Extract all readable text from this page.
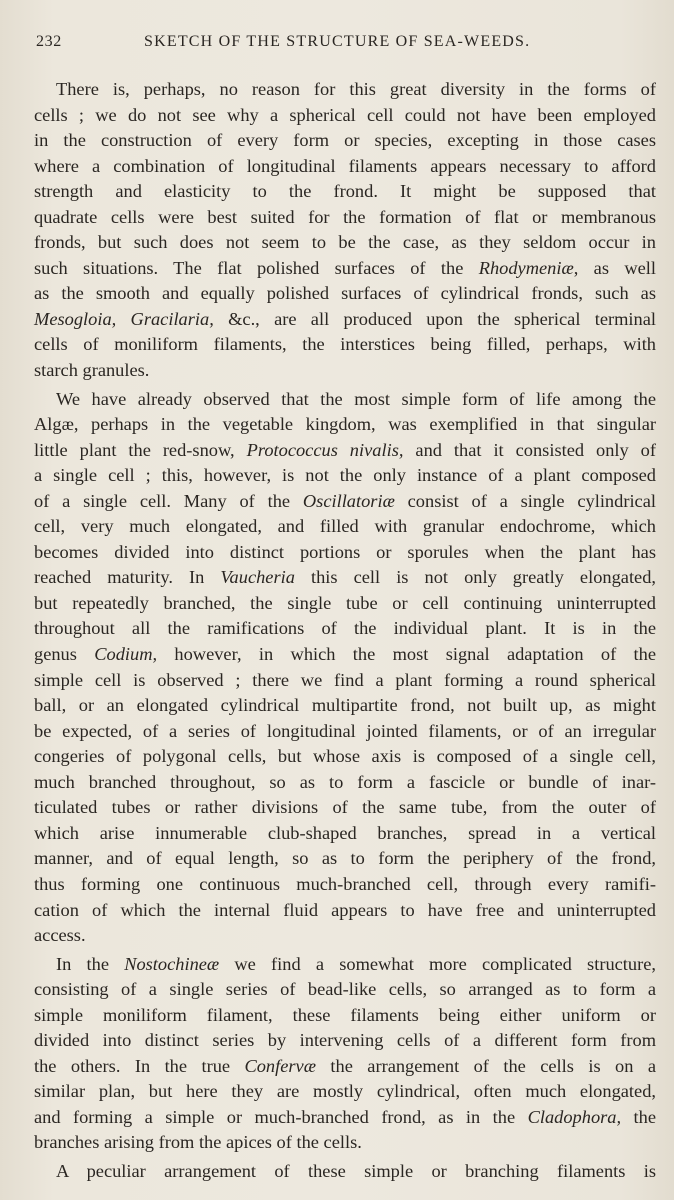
232	SKETCH OF THE STRUCTURE OF SEA-WEEDS.

There is, perhaps, no reason for this great diversity in the forms of
cells ; we do not see why a spherical cell could not have been employed
in the construction of every form or species, excepting in those cases
where a combination of longitudinal filaments appears necessary to afford
strength and elasticity to the frond. It might be supposed that
quadrate cells were best suited for the formation of flat or membranous
fronds, but such does not seem to be the case, as they seldom occur in
such situations. The flat polished surfaces of the Rhodymeniæ, as well
as the smooth and equally polished surfaces of cylindrical fronds, such as
Mesogloia, Gracilaria, &c., are all produced upon the spherical terminal
cells of moniliform filaments, the interstices being filled, perhaps, with
starch granules.

We have already observed that the most simple form of life among the
Algæ, perhaps in the vegetable kingdom, was exemplified in that singular
little plant the red-snow, Protococcus nivalis, and that it consisted only of
a single cell ; this, however, is not the only instance of a plant composed
of a single cell. Many of the Oscillatoriæ consist of a single cylindrical
cell, very much elongated, and filled with granular endochrome, which
becomes divided into distinct portions or sporules when the plant has
reached maturity. In Vaucheria this cell is not only greatly elongated,
but repeatedly branched, the single tube or cell continuing uninterrupted
throughout all the ramifications of the individual plant. It is in the
genus Codium, however, in which the most signal adaptation of the
simple cell is observed ; there we find a plant forming a round spherical
ball, or an elongated cylindrical multipartite frond, not built up, as might
be expected, of a series of longitudinal jointed filaments, or of an irregular
congeries of polygonal cells, but whose axis is composed of a single cell,
much branched throughout, so as to form a fascicle or bundle of inar-
ticulated tubes or rather divisions of the same tube, from the outer of
which arise innumerable club-shaped branches, spread in a vertical
manner, and of equal length, so as to form the periphery of the frond,
thus forming one continuous much-branched cell, through every ramifi-
cation of which the internal fluid appears to have free and uninterrupted
access.

In the Nostochineæ we find a somewhat more complicated structure,
consisting of a single series of bead-like cells, so arranged as to form a
simple moniliform filament, these filaments being either uniform or
divided into distinct series by intervening cells of a different form from
the others. In the true Confervæ the arrangement of the cells is on a
similar plan, but here they are mostly cylindrical, often much elongated,
and forming a simple or much-branched frond, as in the Cladophora, the
branches arising from the apices of the cells.

A peculiar arrangement of these simple or branching filaments is
